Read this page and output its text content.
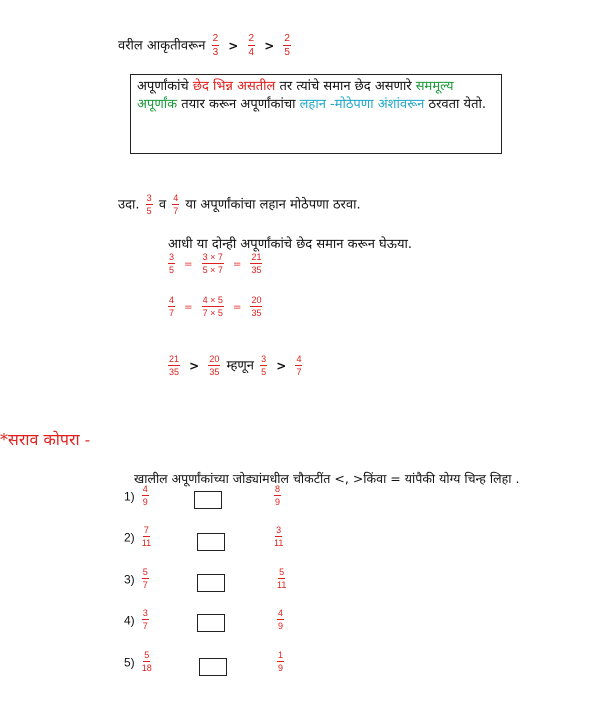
वरील आकृतीवरून $\frac{2}{3} > \frac{2}{4} > \frac{2}{5}$
अपूर्णांकांचे छेद भिन्न असतील तर त्यांचे समान छेद असणारे सममूल्य अपूर्णांक तयार करून अपूर्णांकांचा लहान -मोठेपणा अंशांवरून ठरवता येतो.
उदा. $\frac{3}{5}$ व $\frac{4}{7}$ या अपूर्णांकांचा लहान मोठेपणा ठरवा.
आधी या दोन्ही अपूर्णांकांचे छेद समान करून घेऊया.
$\frac{3}{5} = \frac{3 \times 7}{5 \times 7} = \frac{21}{35}$
$\frac{4}{7} = \frac{4 \times 5}{7 \times 5} = \frac{20}{35}$
$\frac{21}{35} > \frac{20}{35}$ म्हणून $\frac{3}{5} > \frac{4}{7}$
*सराव कोपरा -
खालील अपूर्णांकांच्या जोड्यांमधील चौकटींत <, >किंवा = यांपैकी योग्य चिन्ह लिहा .
$1) \frac{4}{9}$	$\frac{8}{9}$
$2) \frac{7}{11}$	$\frac{3}{11}$
$3) \frac{5}{7}$	$\frac{5}{11}$
$4) \frac{3}{7}$	$\frac{4}{9}$
$5) \frac{5}{18}$	$\frac{1}{9}$
